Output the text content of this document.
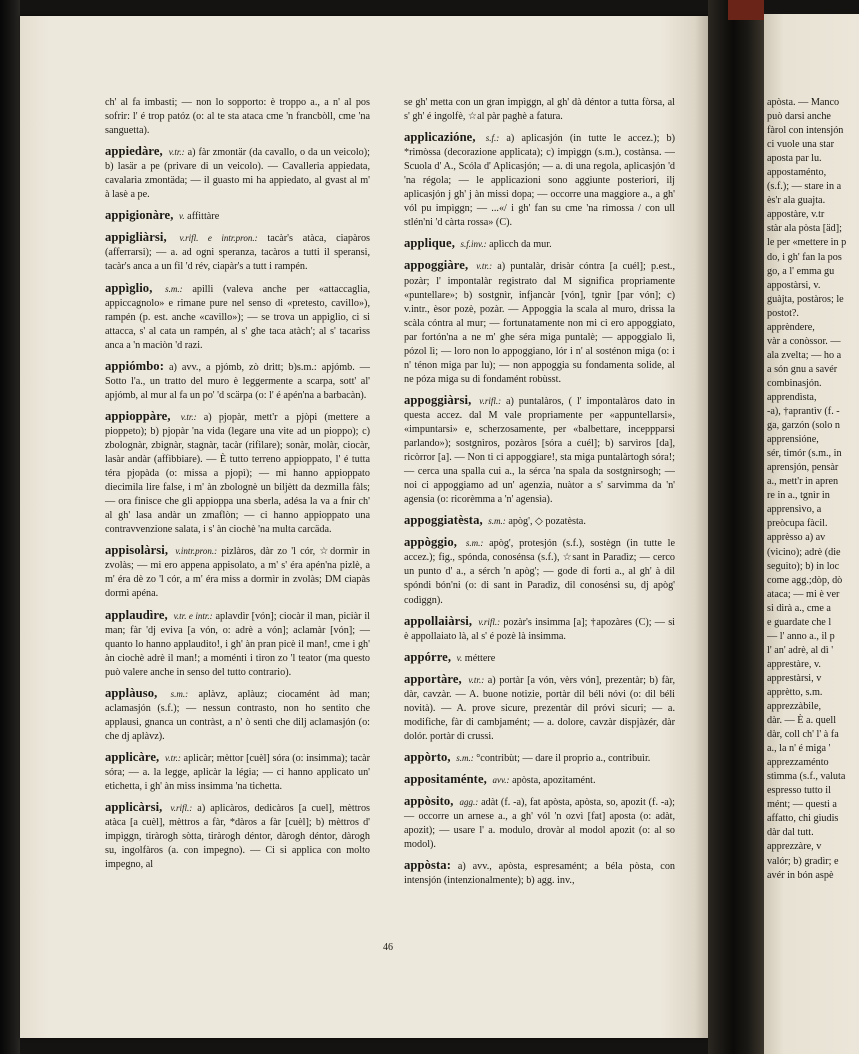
ch' al fa imbasti; — non lo sopporto: è troppo a., a n' al pos sofrir: l' é trop patóz (o: al te sta ataca cme 'n francbòll, cme 'na sanguetta).

appiedàre, v.tr.: a) fàr zmontär (da cavallo, o da un veicolo); b) lasär a pe (privare di un veicolo). — Cavalleria appiedata, cavalarìa zmontäda; — il guasto mi ha appiedato, al gvast al m' à lasè a pe.

appigionàre, v. affittàre

appigliàrsi, v.rifl. e intr.pron.: tacàr's atàca, ciapàros (afferrarsi); — a. ad ogni speranza, tacàros a tutti il speransi, tacàr's anca a un fil 'd rév, ciapàr's a tutt i rampén.

appìglio, s.m.: apilli (valeva anche per «attaccaglia, appiccagnolo» e rimane pure nel senso di «pretesto, cavillo»), rampén (p. est. anche «cavillo»); — se trova un appiglio, ci si attacca, s' al cata un rampén, al s' ghe taca atàch'; al s' tacarìss anca a 'n maciòn 'd razi.

appiómbo: a) avv., a pjómb, zò dritt; b)s.m.: apjómb. — Sotto l'a., un tratto del muro è leggermente a scarpa, sott' al' apjómb, al mur al fa un po' 'd scärpa (o: l' é apén'na a barbacàn).

appioppàre, v.tr.: a) pjopàr, mett'r a pjòpi (mettere a pioppeto); b) pjopàr 'na vida (legare una vite ad un pioppo); c) zbolognàr, zbignàr, stagnàr, tacàr (rifilare); sonàr, molàr, ciocàr, lasàr andàr (affibbiare). — È tutto terreno appioppato, l' é tutta téra pjopàda (o: missa a pjopì); — mi hanno appioppato diecimila lire false, i m' àn zbolognè un biljètt da dezmilla fàls; — ora finisce che gli appioppa una sberla, adésa la va a fnir ch' al gh' lasa andàr un zmaflòn; — ci hanno appioppato una contravvenzione salata, i s' àn ciochè 'na multa carcäda.

appisolàrsi, v.intr.pron.: pizlàros, dàr zo 'l cór, ☆dormìr in zvolàs; — mi ero appena appisolato, a m' s' éra apén'na pizlè, a m' éra dè zo 'l cór, a m' éra miss a dormìr in zvolàs; DM ciapàs dormì apéna.

applaudìre, v.tr. e intr.: aplavdìr [vón]; ciocàr il man, piciàr il man; fàr 'dj eviva [a vón, o: adrè a vón]; aclamàr [vón]; — quanto lo hanno applaudito!, i gh' àn pran picè il man!, cme i gh' àn ciochè adrè il man!; a moménti i tiron zo 'l teator (ma questo può valere anche in senso del tutto contrario).

applàuso, s.m.: aplàvz, aplàuz; ciocamént àd man; aclamasjón (s.f.); — nessun contrasto, non ho sentito che applausi, gnanca un contràst, a n' ò sentì che dilj aclamasjón (o: che dj aplàvz).

applicàre, v.tr.: aplicàr; mèttor [cuèl] sóra (o: insimma); tacàr sóra; — a. la legge, aplicàr la légia; — ci hanno applicato un' etichetta, i gh' àn miss insimma 'na tichetta.

applicàrsi, v.rifl.: a) aplicàros, dedicàros [a cuel], mèttros atàca [a cuèl], mèttros a fàr, *dàros a fàr [cuèl]; b) mèttros d' impìggn, tiràrogh sòtta, tiràrogh déntor, dàrogh déntor, dàrogh su, ingolfàros (a. con impegno). — Ci si applica con molto impegno, al

se gh' metta con un gran impìggn, al gh' dà déntor a tutta fòrsa, al s' gh' é ingolfè, ☆al pàr paghè a fatura.

applicazióne, s.f.: a) aplicasjón (in tutte le accez.); b) *rimòssa (decorazione applicata); c) impìggn (s.m.), costànsa. — Scuola d' A., Scóla d' Aplicasjón; — a. di una regola, aplicasjón 'd 'na régola; — le applicazioni sono aggiunte posteriori, ilj aplicasjón j gh' j àn missi dopa; — occorre una maggiore a., a gh' vól pu impìggn; — ...«/ i gh' fan su cme 'na rimossa / con ull stlén'ni 'd càrta rossa» (C).

applique, s.f.inv.: aplìcch da mur.

appoggiàre, v.tr.: a) puntalàr, drisàr cóntra [a cuél]; p.est., pozàr; l' impontalàr registrato dal M significa propriamente «puntellare»; b) sostgnìr, infjancàr [vón], tgnìr [par vón]; c) v.intr., èsor pozè, pozàr. — Appoggia la scala al muro, drissa la scàla cóntra al mur; — fortunatamente non mi ci ero appoggiato, par fortón'na a ne m' ghe séra miga puntalè; — appoggialo lì, pózol lì; — loro non lo appoggiano, lór i n' al sosténon miga (o: i n' ténon miga par lu); — non appoggia su fondamenta solide, al ne póza miga su di fondamént robùsst.

appoggiàrsi, v.rifl.: a) puntalàros, ( l' impontalàros dato in questa accez. dal M vale propriamente per «appuntellarsi», «impuntarsi» e, scherzosamente, per «balbettare, inceppparsi parlando»); sostgnìros, pozàros [sóra a cuél]; b) sarvìros [da], ricòrror [a]. — Non ti ci appoggiare!, sta miga puntalàrtogh sóra!; — cerca una spalla cui a., la sérca 'na spala da sostgnìrsogh; — noi ci appoggiamo ad un' agenzia, nuàtor a s' sarvimma da 'n' agensia (o: ricorèmma a 'n' agensìa).

appoggiatèsta, s.m.: apòg', ◇ pozatèsta.

appòggio, s.m.: apòg', protesjón (s.f.), sostègn (in tutte le accez.); fig., spónda, conosénsa (s.f.), ☆sant in Paradìz; — cerco un punto d' a., a sérch 'n apòg'; — gode di forti a., al gh' à dil spóndi bón'ni (o: di sant in Paradìz, dil conosénsi su, dj apòg' codìggn).

appollaiàrsi, v.rifl.: pozàr's insimma [a]; †apozàres (C); — si è appollaiato là, al s' é pozè là insimma.

appórre, v. méttere

apportàre, v.tr.: a) portàr [a vón, vèrs vón], prezentàr; b) fàr, dàr, cavzàr. — A. buone notizie, portàr dil béli nóvi (o: dil béli novità). — A. prove sicure, prezentàr dil próvi sicuri; — a. modifiche, fàr di cambjamént; — a. dolore, cavzàr dispjàzér, dàr dolór. portàr di crussi.

appòrto, s.m.: °contribùt; — dare il proprio a., contribuìr.

appositaménte, avv.: apòsta, apozitamént.

appòsito, agg.: adàt (f. -a), fat apòsta, apòsta, so, apozit (f. -a); — occorre un arnese a., a gh' vól 'n ozvì [fat] aposta (o: adàt, apozit); — usare l' a. modulo, drovàr al modol apozit (o: al so modol).

appòsta: a) avv., apòsta, espresamént; a béla pòsta, con intensjón (intenzionalmente); b) agg. inv.,

apòsta. — Manco
può darsi anche
fàrol con intensjón
ci vuole una star
aposta par lu.
appostaménto,
(s.f.); — stare in a
ès'r ala guajta.
appostàre, v.tr
stàr ala pòsta [äd];
le per «mettere in p
do, i gh' fan la pos
go, a l' emma gu
appostàrsi, v.
guàjta, postàros; le
postot?.
apprèndere,
vàr a conòssor. —
ala zvelta; — ho a
a són gnu a savér
combinasjón.
apprendìsta,
-a), †aprantìv (f. -
ga, garzón (solo n
apprensióne,
sér, timór (s.m., in
aprensjón, pensàr
a., mett'r in apren
re in a., tgnìr in
apprensìvo, a
preòcupa fàcil.
apprèsso a) av
(vicino); adrè (die
seguito); b) in loc
come agg.;dòp, dò
ataca; — mi è ver
si dirà a., cme a
e guardate che l
— l' anno a., il p
l' an' adrè, al dì '
apprestàre, v.
apprestàrsi, v
apprètto, s.m.
apprezzàbile,
dàr. — È a. quell
dàr, coll ch' l' à fa
a., la n' é miga '
apprezzaménto
stìmma (s.f., valuta
espresso tutto il
mént; — questi a
affatto, chi giudis
dàr dal tutt.
apprezzàre, v
valór; b) gradìr; e
avér in bón aspè
46
